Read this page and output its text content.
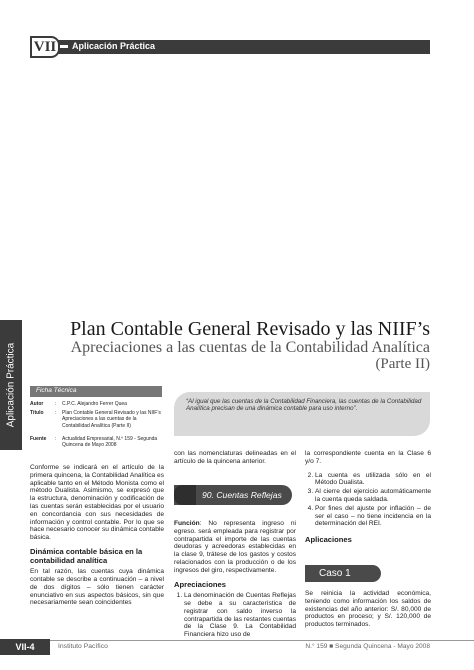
VII	Aplicación Práctica
Aplicación Práctica
Plan Contable General Revisado y las NIIF’s
Apreciaciones a las cuentas de la Contabilidad Analítica
(Parte II)
Ficha Técnica
Autor	:	C.P.C. Alejandro Ferrer Quea
Título	:	Plan Contable General Revisado y las NIIF’s Apreciaciones a las cuentas de la Contabilidad Analítica (Parte II)
Fuente	:	Actualidad Empresarial, N.º 159 - Segunda Quincena de Mayo 2008
“Al igual que las cuentas de la Contabilidad Financiera, las cuentas de la Contabilidad Analítica precisan de una dinámica contable para uso interno”.

Conforme se indicará en el artículo de la primera quincena, la Contabilidad Analítica es aplicable tanto en el Método Monista como el método Dualista. Asimismo, se expresó que la estructura, denominación y codificación de las cuentas serán establecidas por el usuario en concordancia con sus necesidades de información y control contable. Por lo que se hace necesario conocer su dinámica contable básica.

Dinámica contable básica en la contabilidad analítica

En tal razón, las cuentas cuya dinámica contable se describe a continuación – a nivel de dos dígitos – sólo tienen carácter enunciativo en sus aspectos básicos, sin que necesariamente sean coincidentes

con las nomenclaturas delineadas en el artículo de la quincena anterior.

90. Cuentas Reflejas

Función: No representa ingreso ni egreso. será empleada para registrar por contrapartida el importe de las cuentas deudoras y acreedoras establecidas en la clase 9, trátese de los gastos y costos relacionados con la producción o de los ingresos del giro, respectivamente.

Apreciaciones
1. La denominación de Cuentas Reflejas se debe a su característica de registrar con saldo inverso la contrapartida de las restantes cuentas de la Clase 9. La Contabilidad Financiera hizo uso de

la correspondiente cuenta en la Clase 6 y/o 7.

2. La cuenta es utilizada sólo en el Método Dualista.
3. Al cierre del ejercicio automáticamente la cuenta queda saldada.
4. Por fines del ajuste por inflación – de ser el caso – no tiene incidencia en la determinación del REI.
Aplicaciones
Caso 1
Se reinicia la actividad económica, teniendo como información los saldos de existencias del año anterior: S/. 80,000 de productos en proceso; y S/. 120,000 de productos terminados.
VII-4	Instituto Pacífico	N.° 159 ■ Segunda Quincena - Mayo 2008
